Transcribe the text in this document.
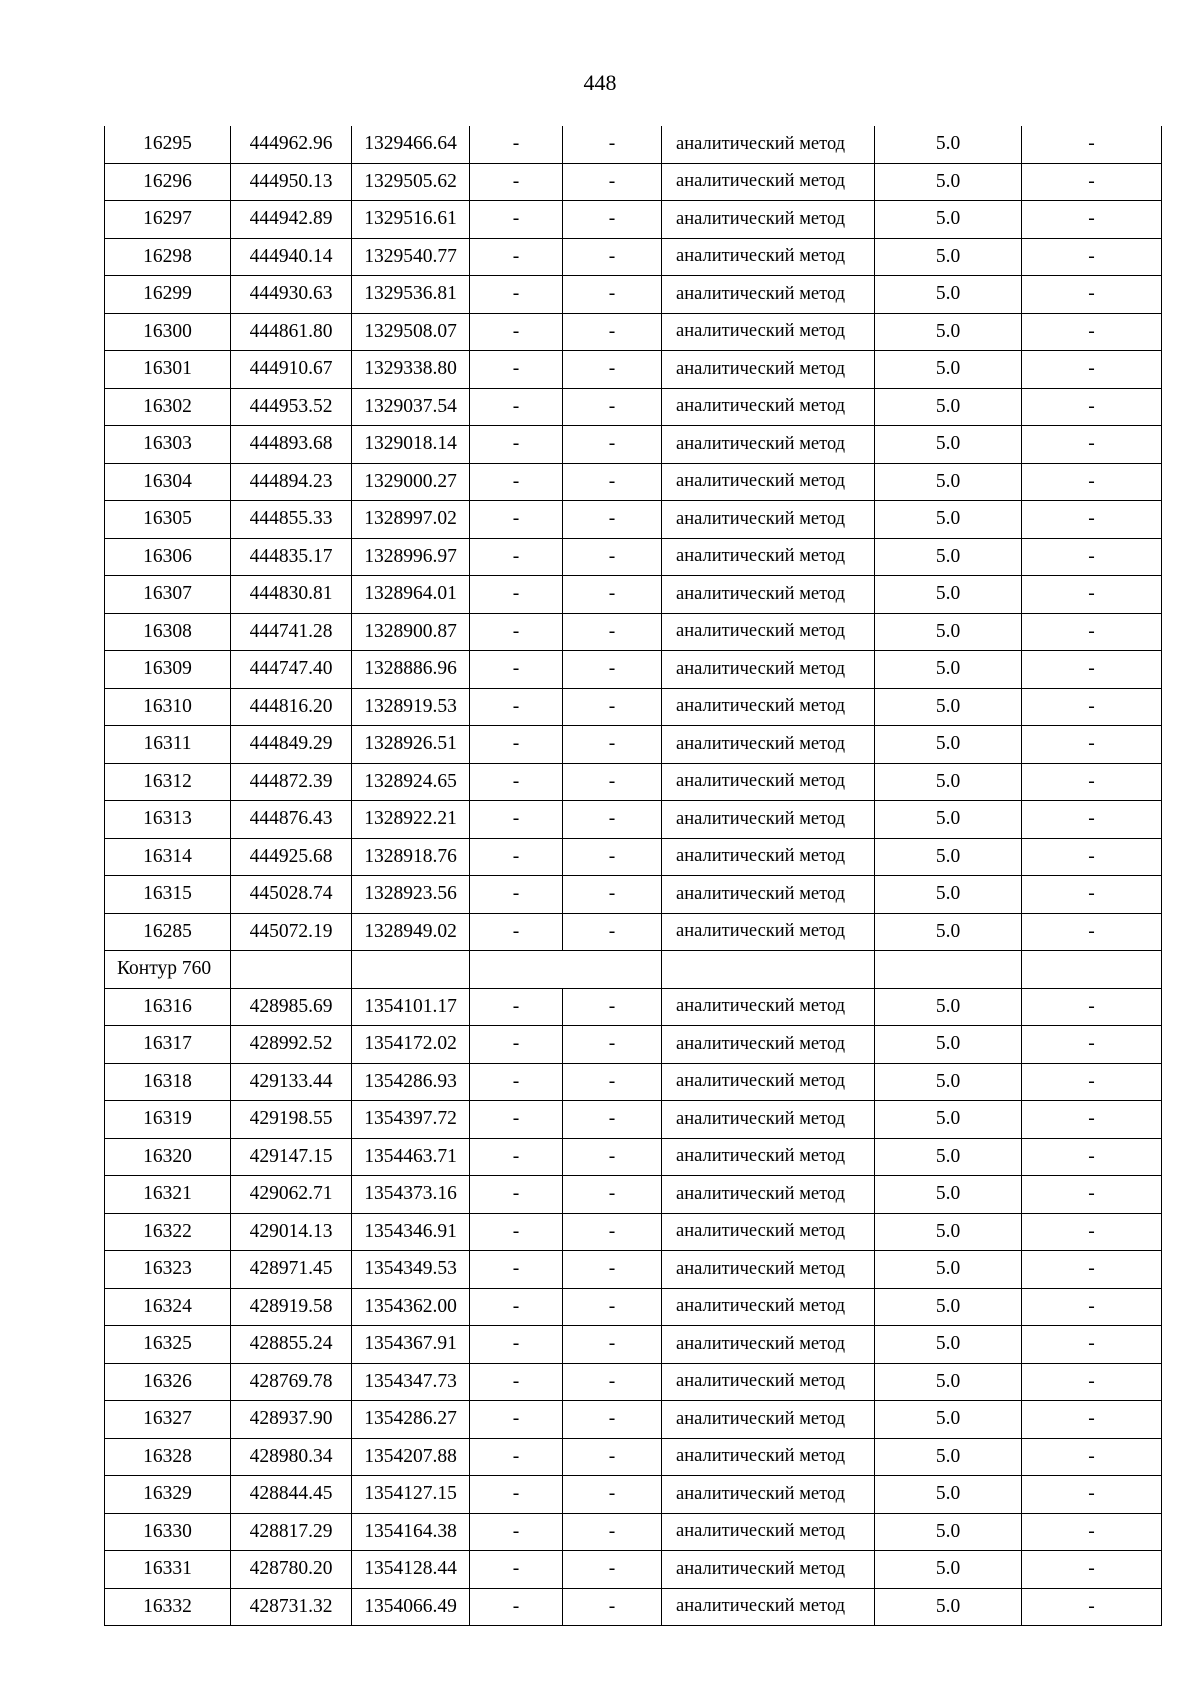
448
16295	444962.96	1329466.64	-	-	аналитический метод	5.0	-
16296	444950.13	1329505.62	-	-	аналитический метод	5.0	-
16297	444942.89	1329516.61	-	-	аналитический метод	5.0	-
16298	444940.14	1329540.77	-	-	аналитический метод	5.0	-
16299	444930.63	1329536.81	-	-	аналитический метод	5.0	-
16300	444861.80	1329508.07	-	-	аналитический метод	5.0	-
16301	444910.67	1329338.80	-	-	аналитический метод	5.0	-
16302	444953.52	1329037.54	-	-	аналитический метод	5.0	-
16303	444893.68	1329018.14	-	-	аналитический метод	5.0	-
16304	444894.23	1329000.27	-	-	аналитический метод	5.0	-
16305	444855.33	1328997.02	-	-	аналитический метод	5.0	-
16306	444835.17	1328996.97	-	-	аналитический метод	5.0	-
16307	444830.81	1328964.01	-	-	аналитический метод	5.0	-
16308	444741.28	1328900.87	-	-	аналитический метод	5.0	-
16309	444747.40	1328886.96	-	-	аналитический метод	5.0	-
16310	444816.20	1328919.53	-	-	аналитический метод	5.0	-
16311	444849.29	1328926.51	-	-	аналитический метод	5.0	-
16312	444872.39	1328924.65	-	-	аналитический метод	5.0	-
16313	444876.43	1328922.21	-	-	аналитический метод	5.0	-
16314	444925.68	1328918.76	-	-	аналитический метод	5.0	-
16315	445028.74	1328923.56	-	-	аналитический метод	5.0	-
16285	445072.19	1328949.02	-	-	аналитический метод	5.0	-
Контур 760							
16316	428985.69	1354101.17	-	-	аналитический метод	5.0	-
16317	428992.52	1354172.02	-	-	аналитический метод	5.0	-
16318	429133.44	1354286.93	-	-	аналитический метод	5.0	-
16319	429198.55	1354397.72	-	-	аналитический метод	5.0	-
16320	429147.15	1354463.71	-	-	аналитический метод	5.0	-
16321	429062.71	1354373.16	-	-	аналитический метод	5.0	-
16322	429014.13	1354346.91	-	-	аналитический метод	5.0	-
16323	428971.45	1354349.53	-	-	аналитический метод	5.0	-
16324	428919.58	1354362.00	-	-	аналитический метод	5.0	-
16325	428855.24	1354367.91	-	-	аналитический метод	5.0	-
16326	428769.78	1354347.73	-	-	аналитический метод	5.0	-
16327	428937.90	1354286.27	-	-	аналитический метод	5.0	-
16328	428980.34	1354207.88	-	-	аналитический метод	5.0	-
16329	428844.45	1354127.15	-	-	аналитический метод	5.0	-
16330	428817.29	1354164.38	-	-	аналитический метод	5.0	-
16331	428780.20	1354128.44	-	-	аналитический метод	5.0	-
16332	428731.32	1354066.49	-	-	аналитический метод	5.0	-
